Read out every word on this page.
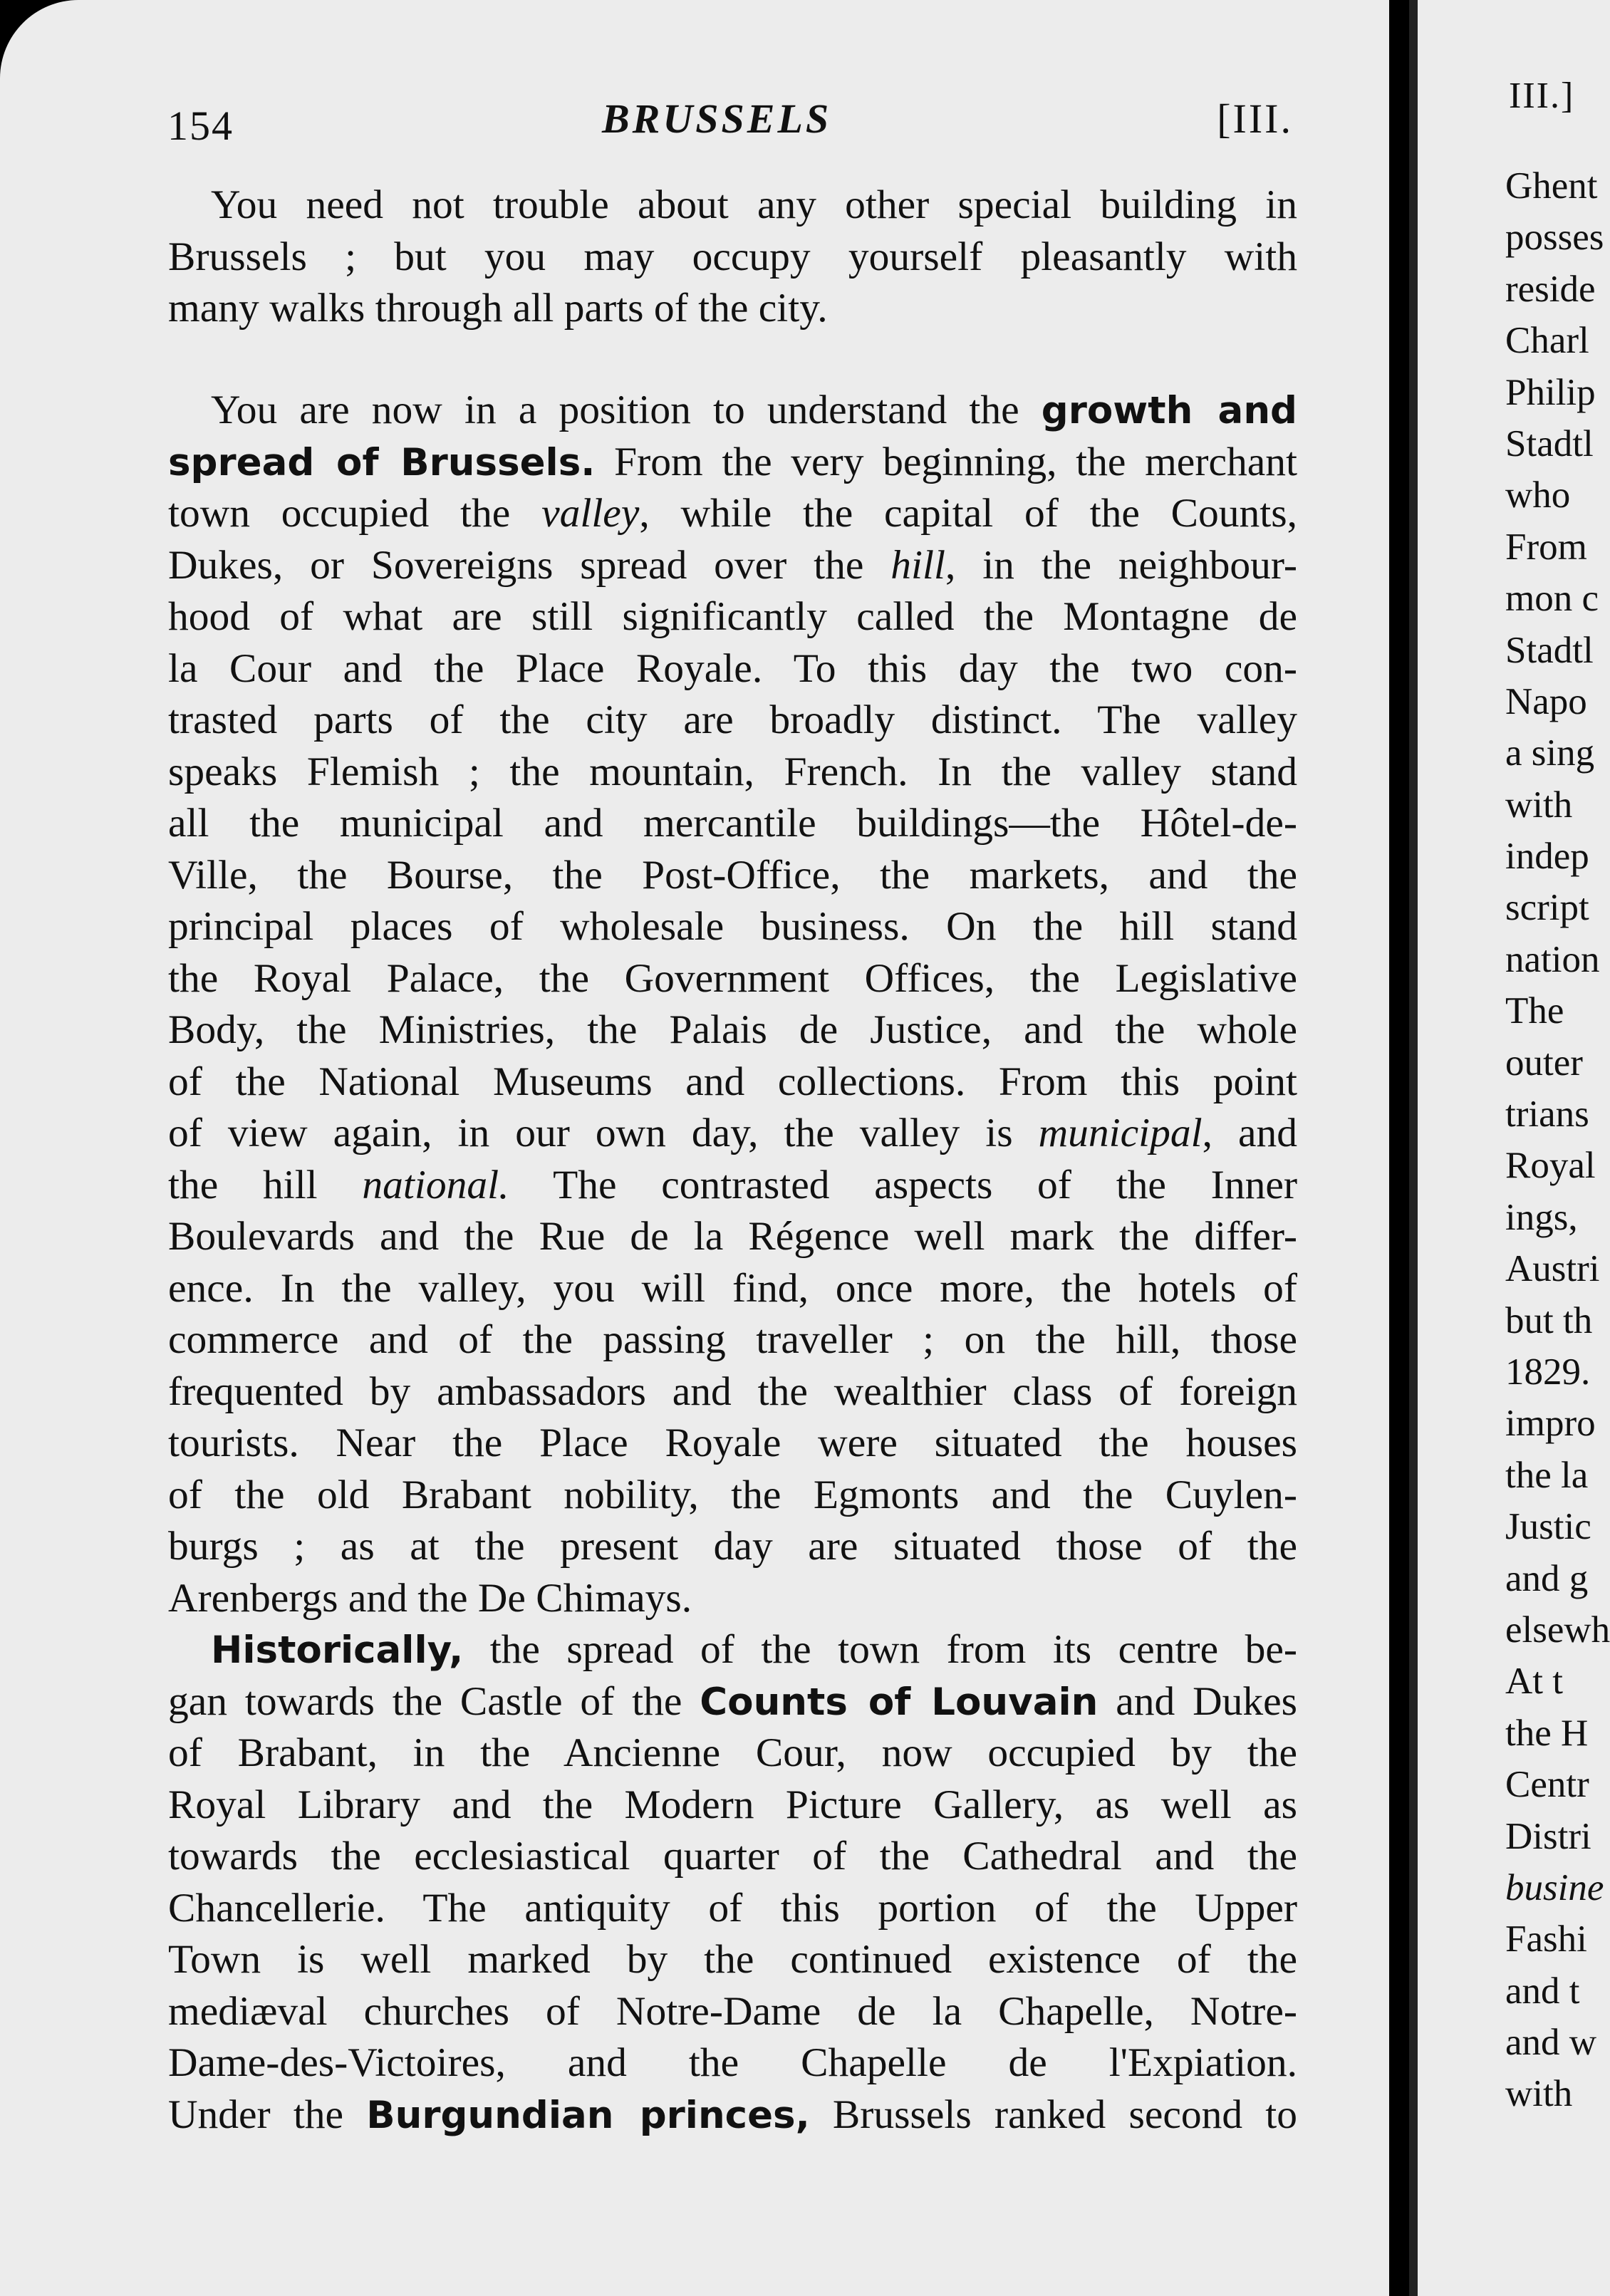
154	BRUSSELS	[III.
You need not trouble about any other special building in
Brussels ; but you may occupy yourself pleasantly with
many walks through all parts of the city.
You are now in a position to understand the growth and
spread of Brussels. From the very beginning, the merchant
town occupied the valley, while the capital of the Counts,
Dukes, or Sovereigns spread over the hill, in the neighbour-
hood of what are still significantly called the Montagne de
la Cour and the Place Royale. To this day the two con-
trasted parts of the city are broadly distinct. The valley
speaks Flemish ; the mountain, French. In the valley stand
all the municipal and mercantile buildings—the Hôtel-de-
Ville, the Bourse, the Post-Office, the markets, and the
principal places of wholesale business. On the hill stand
the Royal Palace, the Government Offices, the Legislative
Body, the Ministries, the Palais de Justice, and the whole
of the National Museums and collections. From this point
of view again, in our own day, the valley is municipal, and
the hill national. The contrasted aspects of the Inner
Boulevards and the Rue de la Régence well mark the differ-
ence. In the valley, you will find, once more, the hotels of
commerce and of the passing traveller ; on the hill, those
frequented by ambassadors and the wealthier class of foreign
tourists. Near the Place Royale were situated the houses
of the old Brabant nobility, the Egmonts and the Cuylen-
burgs ; as at the present day are situated those of the
Arenbergs and the De Chimays.
Historically, the spread of the town from its centre be-
gan towards the Castle of the Counts of Louvain and Dukes
of Brabant, in the Ancienne Cour, now occupied by the
Royal Library and the Modern Picture Gallery, as well as
towards the ecclesiastical quarter of the Cathedral and the
Chancellerie. The antiquity of this portion of the Upper
Town is well marked by the continued existence of the
mediæval churches of Notre-Dame de la Chapelle, Notre-
Dame-des-Victoires, and the Chapelle de l'Expiation.
Under the Burgundian princes, Brussels ranked second to
III.]
Ghent
posses
reside
Charl
Philip
Stadtl
who
From
mon c
Stadtl
Napo
a sing
with
indep
script
nation
The
outer
trians
Royal
ings,
Austri
but th
1829.
impro
the la
Justic
and g
elsewh
At t
the H
Centr
Distri
busine
Fashi
and t
and w
with
